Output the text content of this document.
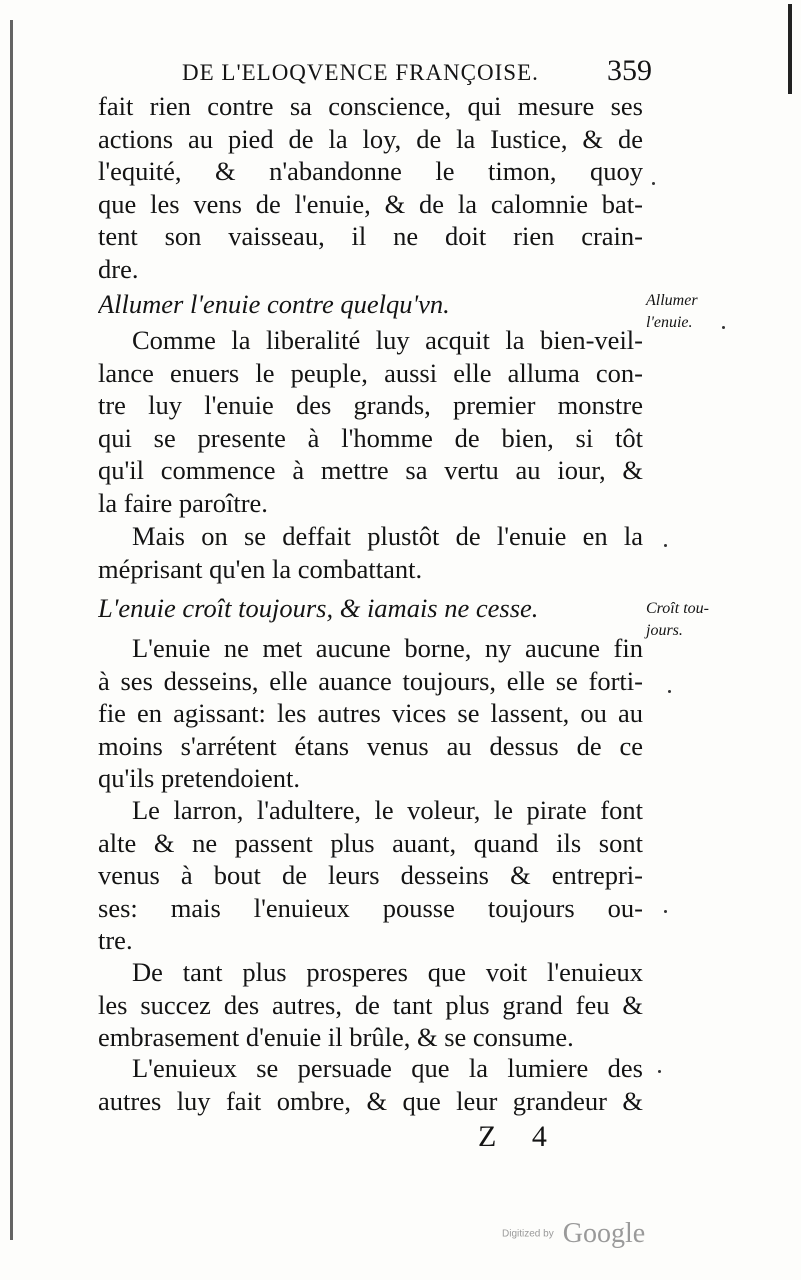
DE L'ELOQVENCE FRANÇOISE. 359
fait rien contre sa conscience, qui mesure ses
actions au pied de la loy, de la Iustice, & de
l'equité, & n'abandonne le timon, quoy
que les vens de l'enuie, & de la calomnie bat-
tent son vaisseau, il ne doit rien crain-
dre.
Allumer l'enuie contre quelqu'vn.	Allumer
l'enuie.
Comme la liberalité luy acquit la bien-veil-
lance enuers le peuple, aussi elle alluma con-
tre luy l'enuie des grands, premier monstre
qui se presente à l'homme de bien, si tôt
qu'il commence à mettre sa vertu au iour, &
la faire paroître.
Mais on se deffait plustôt de l'enuie en la
méprisant qu'en la combattant.
L'enuie croît toujours, & iamais ne cesse.	Croît tou-
jours.
L'enuie ne met aucune borne, ny aucune fin
à ses desseins, elle auance toujours, elle se forti-
fie en agissant: les autres vices se lassent, ou au
moins s'arrétent étans venus au dessus de ce
qu'ils pretendoient.
Le larron, l'adultere, le voleur, le pirate font
alte & ne passent plus auant, quand ils sont
venus à bout de leurs desseins & entrepri-
ses: mais l'enuieux pousse toujours ou-
tre.
De tant plus prosperes que voit l'enuieux
les succez des autres, de tant plus grand feu &
embrasement d'enuie il brûle, & se consume.
L'enuieux se persuade que la lumiere des
autres luy fait ombre, & que leur grandeur &
Z 4
Digitized by Google
